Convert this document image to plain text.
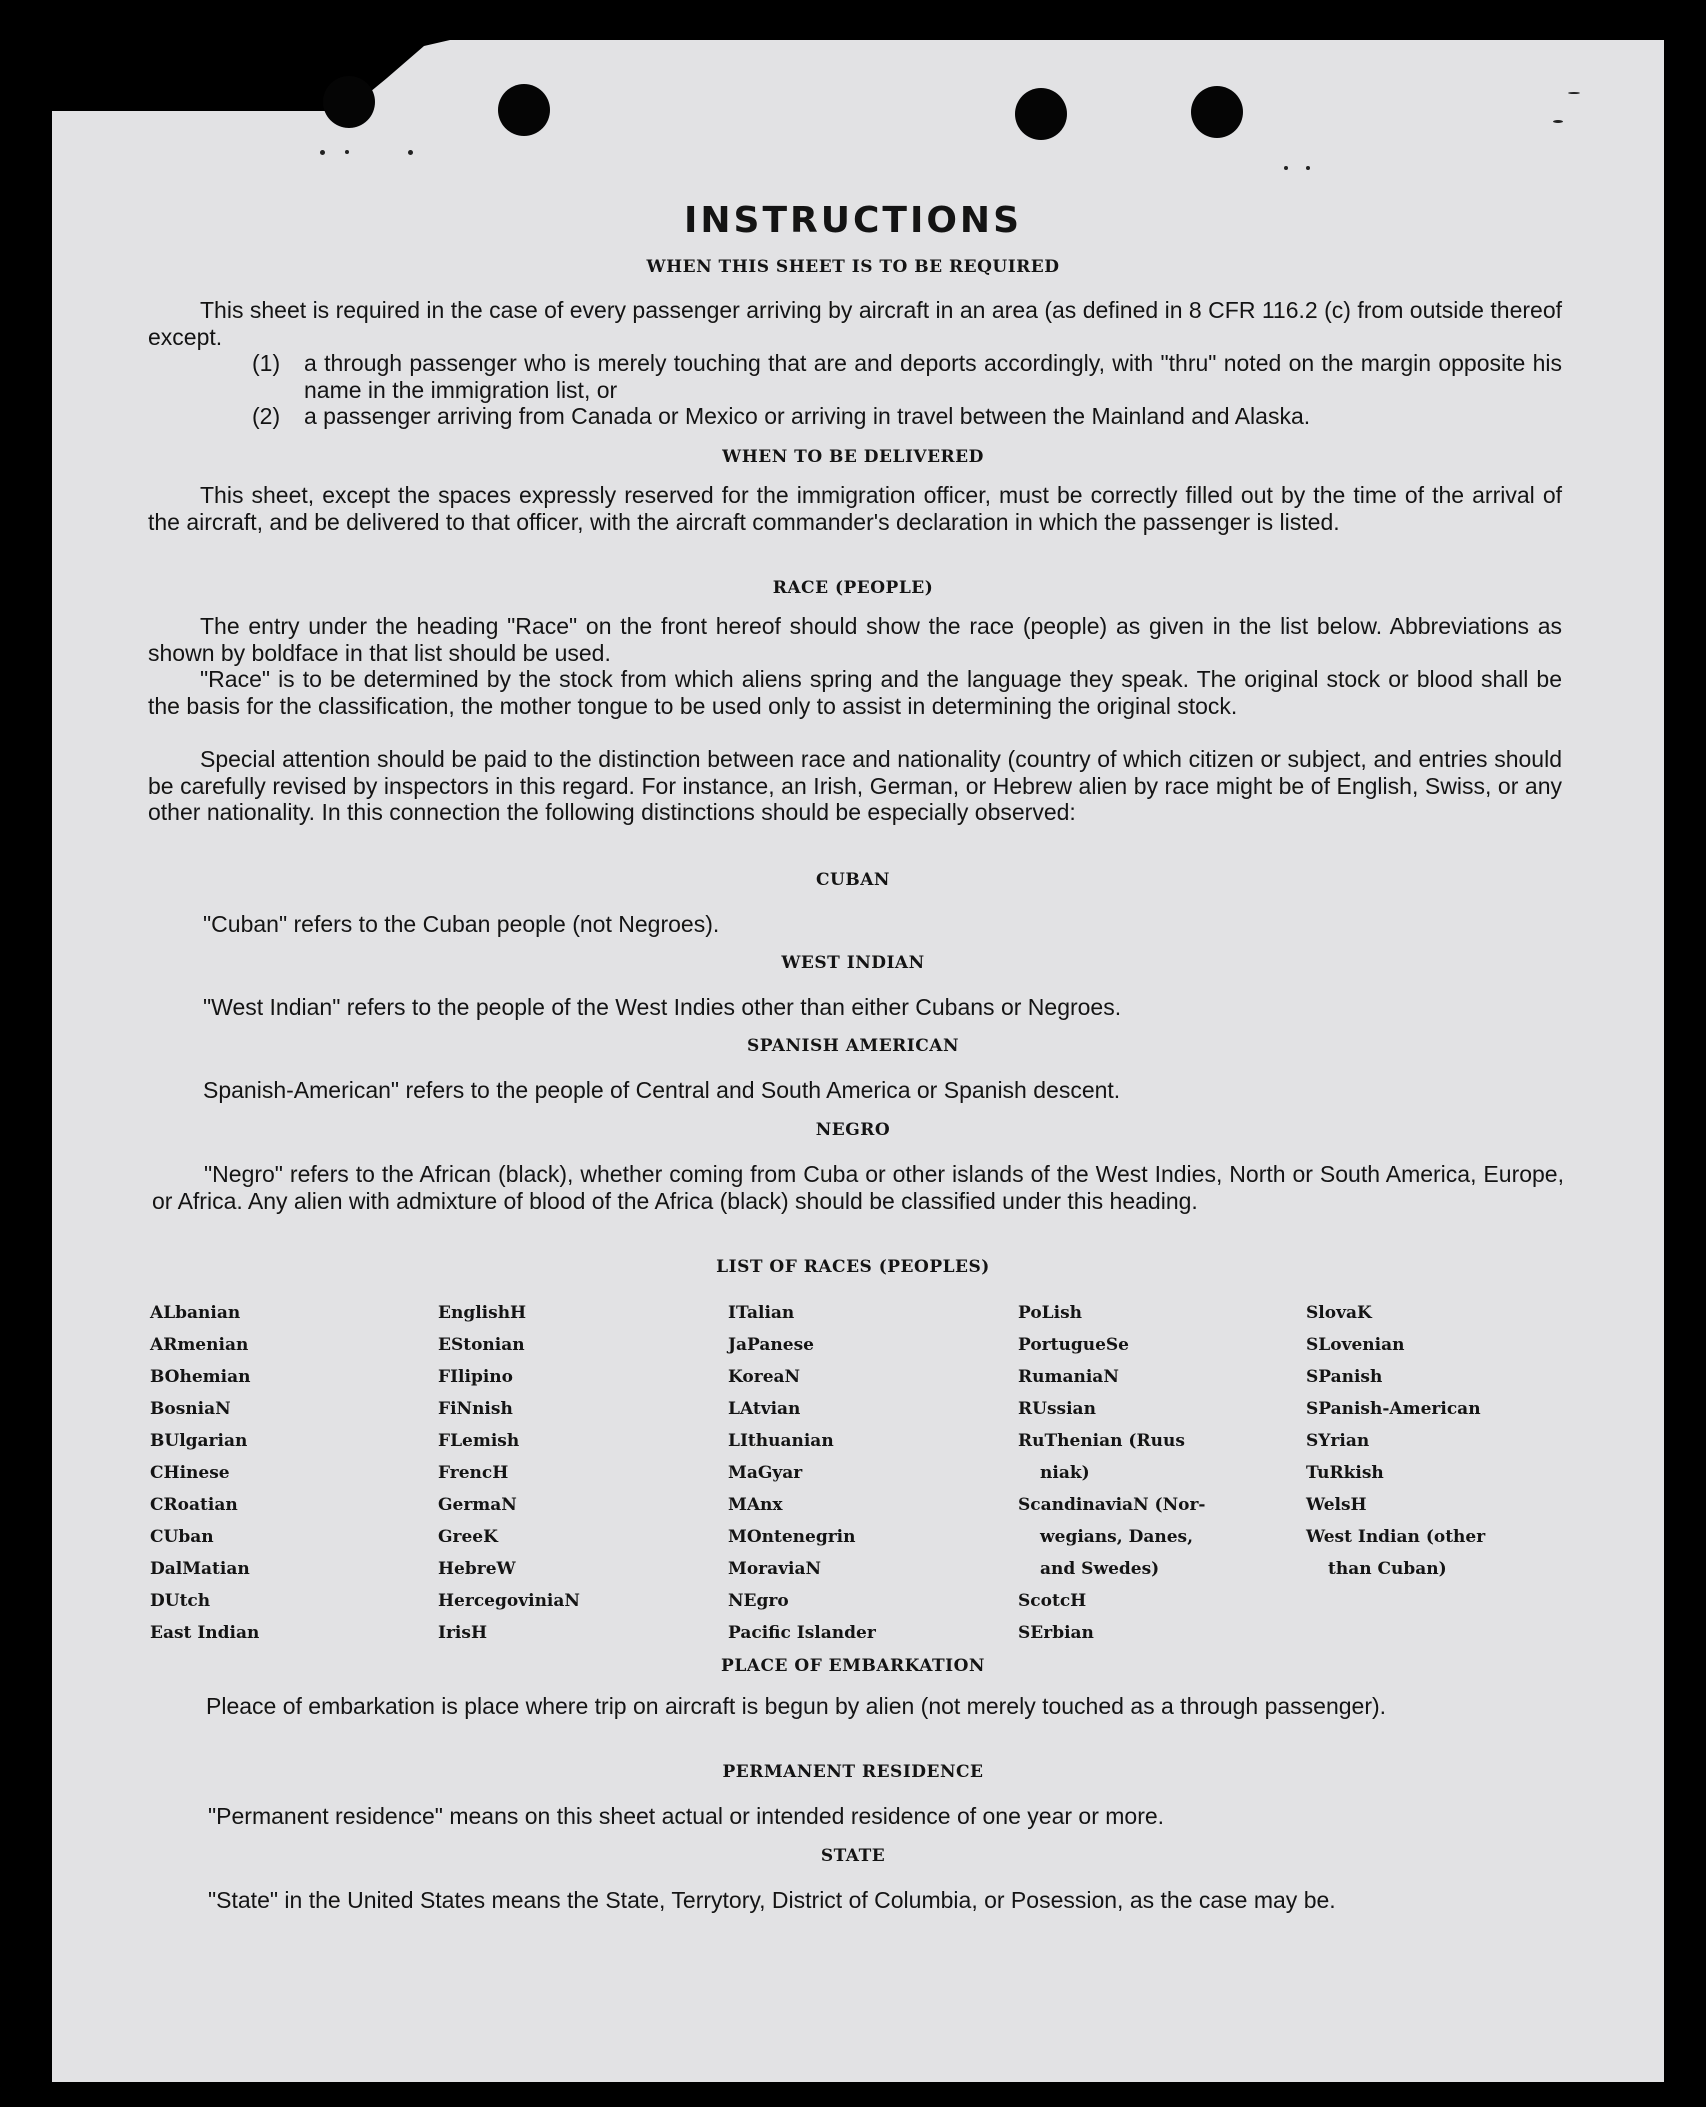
INSTRUCTIONS
WHEN THIS SHEET IS TO BE REQUIRED
This sheet is required in the case of every passenger arriving by aircraft in an area (as defined in 8 CFR 116.2 (c) from outside thereof except.
(1) a through passenger who is merely touching that are and deports accordingly, with "thru" noted on the margin opposite his name in the immigration list, or
(2) a passenger arriving from Canada or Mexico or arriving in travel between the Mainland and Alaska.
WHEN TO BE DELIVERED
This sheet, except the spaces expressly reserved for the immigration officer, must be correctly filled out by the time of the arrival of the aircraft, and be delivered to that officer, with the aircraft commander's declaration in which the passenger is listed.
RACE (PEOPLE)
The entry under the heading "Race" on the front hereof should show the race (people) as given in the list below. Abbreviations as shown by boldface in that list should be used.
"Race" is to be determined by the stock from which aliens spring and the language they speak. The original stock or blood shall be the basis for the classification, the mother tongue to be used only to assist in determining the original stock.
Special attention should be paid to the distinction between race and nationality (country of which citizen or subject, and entries should be carefully revised by inspectors in this regard. For instance, an Irish, German, or Hebrew alien by race might be of English, Swiss, or any other nationality. In this connection the following distinctions should be especially observed:
CUBAN
"Cuban" refers to the Cuban people (not Negroes).
WEST INDIAN
"West Indian" refers to the people of the West Indies other than either Cubans or Negroes.
SPANISH AMERICAN
Spanish-American" refers to the people of Central and South America or Spanish descent.
NEGRO
"Negro" refers to the African (black), whether coming from Cuba or other islands of the West Indies, North or South America, Europe, or Africa. Any alien with admixture of blood of the Africa (black) should be classified under this heading.
LIST OF RACES (PEOPLES)
ALbanian
ARmenian
BOhemian
BosniaN
BUlgarian
CHinese
CRoatian
CUban
DalMatian
DUtch
East Indian
EnglishH
EStonian
FIlipino
FiNnish
FLemish
FrencH
GermaN
GreeK
HebreW
HercegoviniaN
IrisH
ITalian
JaPanese
KoreaN
LAtvian
LIthuanian
MaGyar
MAnx
MOntenegrin
MoraviaN
NEgro
Pacific Islander
PoLish
PortugueSe
RumaniaN
RUssian
RuThenian (Ruus
niak)
ScandinaviaN (Nor-
wegians, Danes,
and Swedes)
ScotcH
SErbian
SlovaK
SLovenian
SPanish
SPanish-American
SYrian
TuRkish
WelsH
West Indian (other
than Cuban)
PLACE OF EMBARKATION
Pleace of embarkation is place where trip on aircraft is begun by alien (not merely touched as a through passenger).
PERMANENT RESIDENCE
"Permanent residence" means on this sheet actual or intended residence of one year or more.
STATE
"State" in the United States means the State, Terrytory, District of Columbia, or Posession, as the case may be.
